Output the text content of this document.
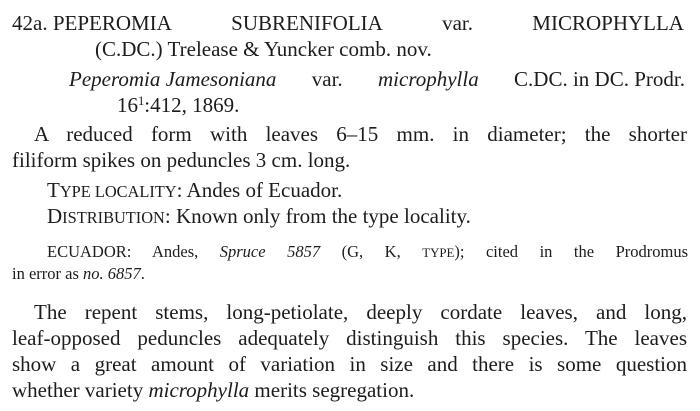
42a. PEPEROMIA	SUBRENIFOLIA	var.	MICROPHYLLA
(C.DC.) Trelease & Yuncker comb. nov.
Peperomia Jamesoniana var. microphylla C.DC. in DC. Prodr.
$16^1:412$, 1869.
A reduced form with leaves 6–15 mm. in diameter; the shorter
filiform spikes on peduncles 3 cm. long.
TYPE LOCALITY: Andes of Ecuador.
DISTRIBUTION: Known only from the type locality.
ECUADOR: Andes, Spruce 5857 (G, K, TYPE); cited in the Prodromus
in error as no. 6857.
The repent stems, long-petiolate, deeply cordate leaves, and long,
leaf-opposed peduncles adequately distinguish this species. The leaves
show a great amount of variation in size and there is some question
whether variety microphylla merits segregation.
